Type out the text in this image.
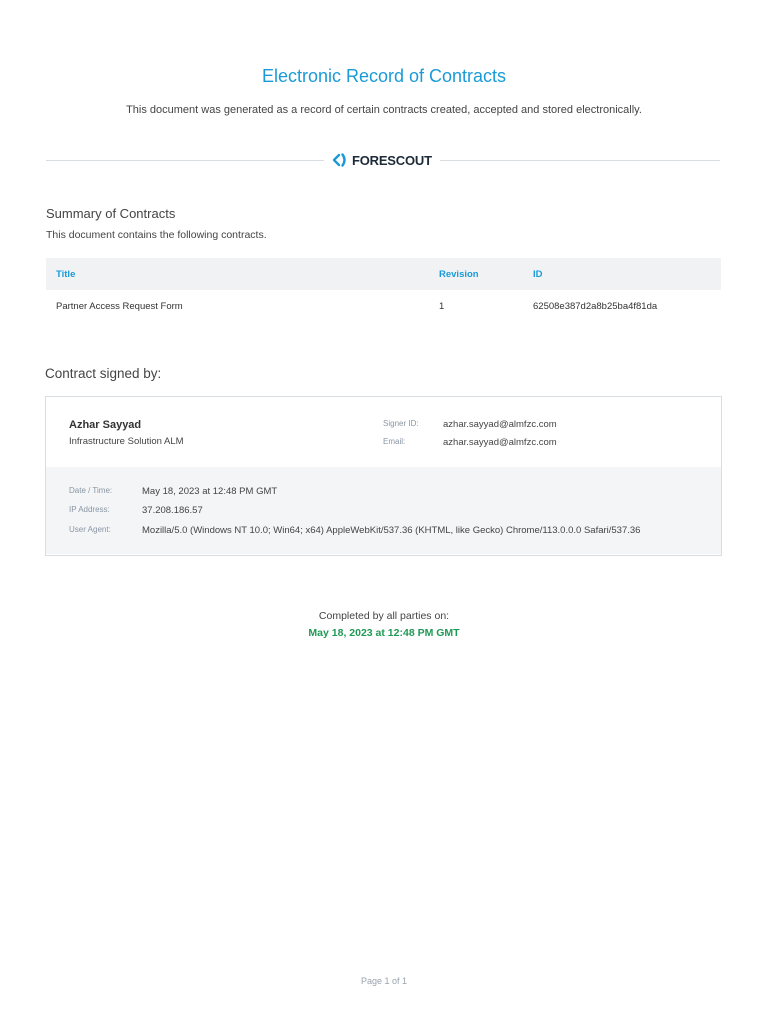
Electronic Record of Contracts

This document was generated as a record of certain contracts created, accepted and stored electronically.

FORESCOUT
Summary of Contracts

This document contains the following contracts.

Title	Revision	ID
Partner Access Request Form	1	62508e387d2a8b25ba4f81da
Contract signed by:
Azhar Sayyad
Infrastructure Solution ALM
Signer ID:	azhar.sayyad@almfzc.com
Email:	azhar.sayyad@almfzc.com
Date / Time:	May 18, 2023 at 12:48 PM GMT
IP Address:	37.208.186.57
User Agent:	Mozilla/5.0 (Windows NT 10.0; Win64; x64) AppleWebKit/537.36 (KHTML, like Gecko) Chrome/113.0.0.0 Safari/537.36

Completed by all parties on:

May 18, 2023 at 12:48 PM GMT

Page 1 of 1
